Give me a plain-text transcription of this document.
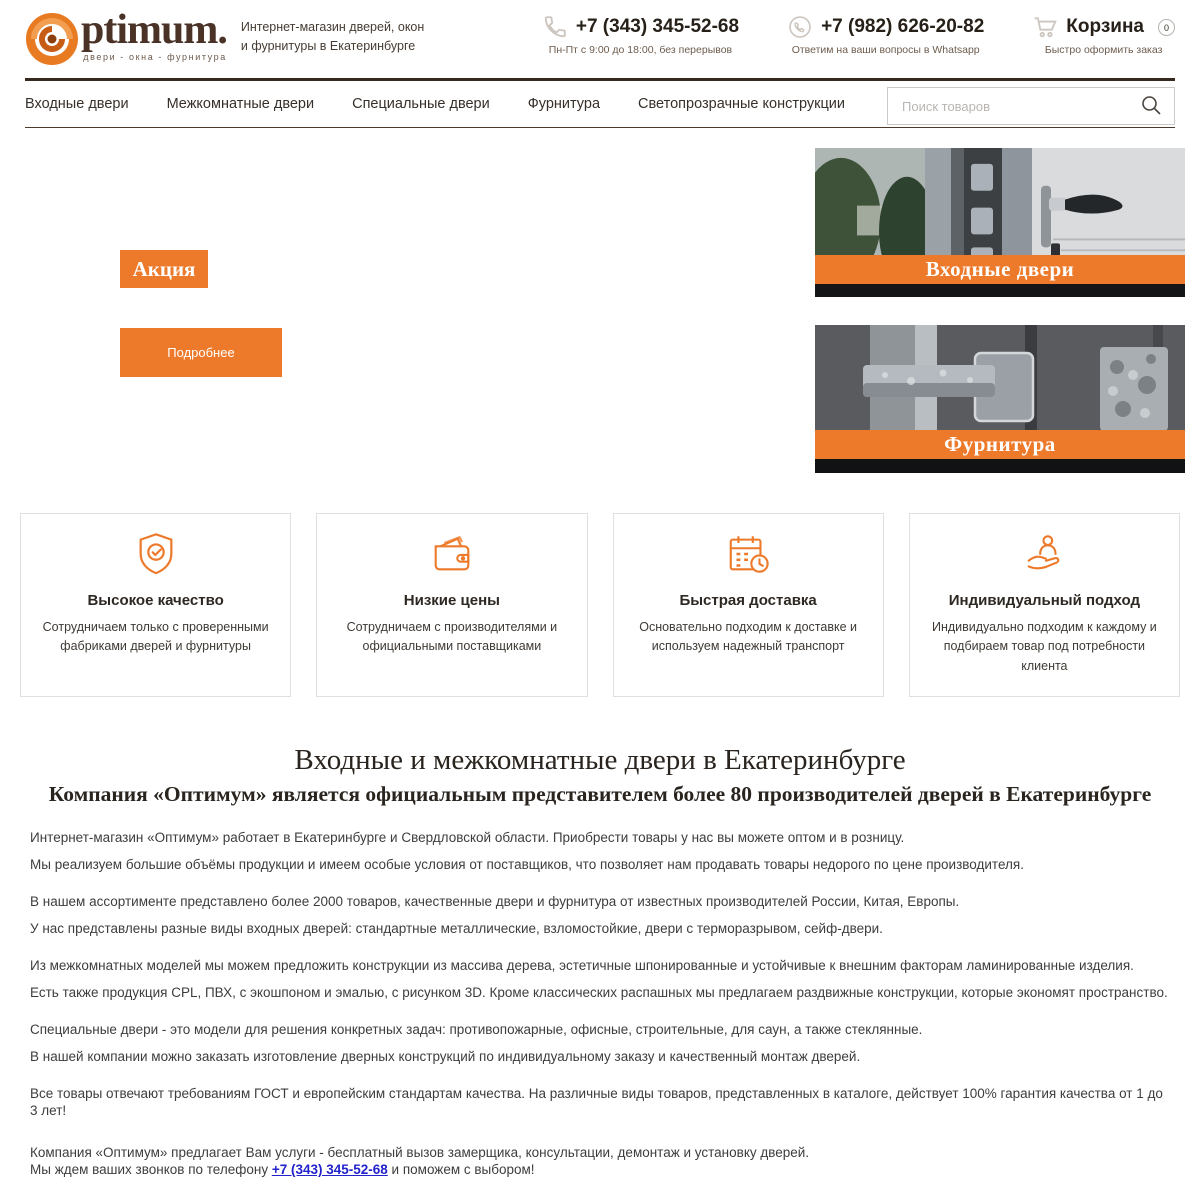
ptimum.
двери - окна - фурнитура
Интернет-магазин дверей, окон
и фурнитуры в Екатеринбурге
+7 (343) 345-52-68
Пн-Пт с 9:00 до 18:00, без перерывов
+7 (982) 626-20-82
Ответим на ваши вопросы в Whatsapp
Корзина	0
Быстро оформить заказ
Входные двери	Межкомнатные двери	Специальные двери	Фурнитура	Светопрозрачные конструкции
Поиск товаров
Акция
Подробнее
Входные двери
Фурнитура
Высокое качество

Сотрудничаем только с проверенными фабриками дверей и фурнитуры

Низкие цены

Сотрудничаем с производителями и официальными поставщиками

Быстрая доставка

Основательно подходим к доставке и используем надежный транспорт

Индивидуальный подход

Индивидуально подходим к каждому и подбираем товар под потребности клиента

Входные и межкомнатные двери в Екатеринбурге
Компания «Оптимум» является официальным представителем более 80 производителей дверей в Екатеринбурге

Интернет-магазин «Оптимум» работает в Екатеринбурге и Свердловской области. Приобрести товары у нас вы можете оптом и в розницу.

Мы реализуем большие объёмы продукции и имеем особые условия от поставщиков, что позволяет нам продавать товары недорого по цене производителя.

В нашем ассортименте представлено более 2000 товаров, качественные двери и фурнитура от известных производителей России, Китая, Европы.

У нас представлены разные виды входных дверей: стандартные металлические, взломостойкие, двери с терморазрывом, сейф-двери.

Из межкомнатных моделей мы можем предложить конструкции из массива дерева, эстетичные шпонированные и устойчивые к внешним факторам ламинированные изделия.

Есть также продукция CPL, ПВХ, с экошпоном и эмалью, с рисунком 3D. Кроме классических распашных мы предлагаем раздвижные конструкции, которые экономят пространство.

Специальные двери - это модели для решения конкретных задач: противопожарные, офисные, строительные, для саун, а также стеклянные.

В нашей компании можно заказать изготовление дверных конструкций по индивидуальному заказу и качественный монтаж дверей.

Все товары отвечают требованиям ГОСТ и европейским стандартам качества. На различные виды товаров, представленных в каталоге, действует 100% гарантия качества от 1 до 3 лет!

Компания «Оптимум» предлагает Вам услуги - бесплатный вызов замерщика, консультации, демонтаж и установку дверей.

Мы ждем ваших звонков по телефону +7 (343) 345-52-68 и поможем с выбором!
